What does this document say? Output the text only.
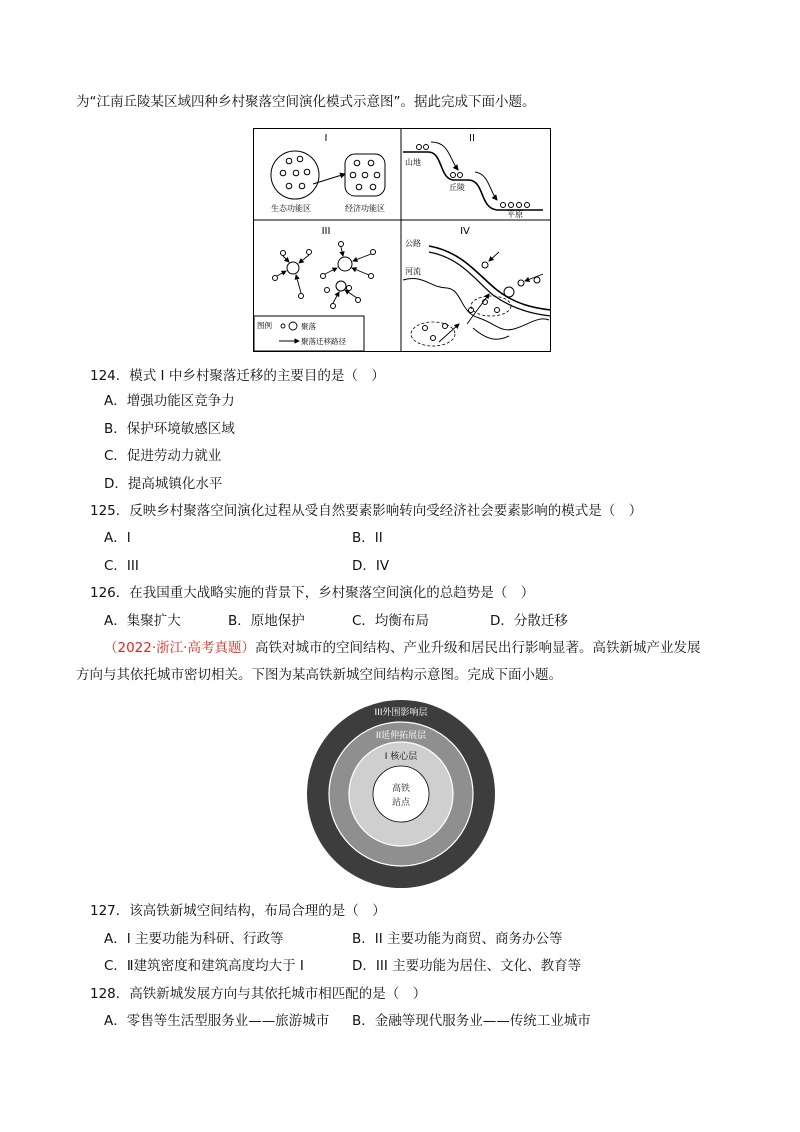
为“江南丘陵某区域四种乡村聚落空间演化模式示意图”。据此完成下面小题。
I
生态功能区	经济功能区
II
山地
丘陵
平原
III
图例	聚落
聚落迁移路径
IV
公路
河流
124．模式 I 中乡村聚落迁移的主要目的是（　）
A．增强功能区竞争力
B．保护环境敏感区域
C．促进劳动力就业
D．提高城镇化水平
125．反映乡村聚落空间演化过程从受自然要素影响转向受经济社会要素影响的模式是（　）
A．I	B．II
C．III	D．IV
126．在我国重大战略实施的背景下，乡村聚落空间演化的总趋势是（　）
A．集聚扩大	B．原地保护	C．均衡布局	D．分散迁移
（2022·浙江·高考真题）高铁对城市的空间结构、产业升级和居民出行影响显著。高铁新城产业发展
方向与其依托城市密切相关。下图为某高铁新城空间结构示意图。完成下面小题。
III外围影响层
II延伸拓展层
I 核心层
高铁
站点
127．该高铁新城空间结构，布局合理的是（　）
A．I 主要功能为科研、行政等	B．II 主要功能为商贸、商务办公等
C．Ⅱ建筑密度和建筑高度均大于 I	D．III 主要功能为居住、文化、教育等
128．高铁新城发展方向与其依托城市相匹配的是（　）
A．零售等生活型服务业——旅游城市 B．金融等现代服务业——传统工业城市
